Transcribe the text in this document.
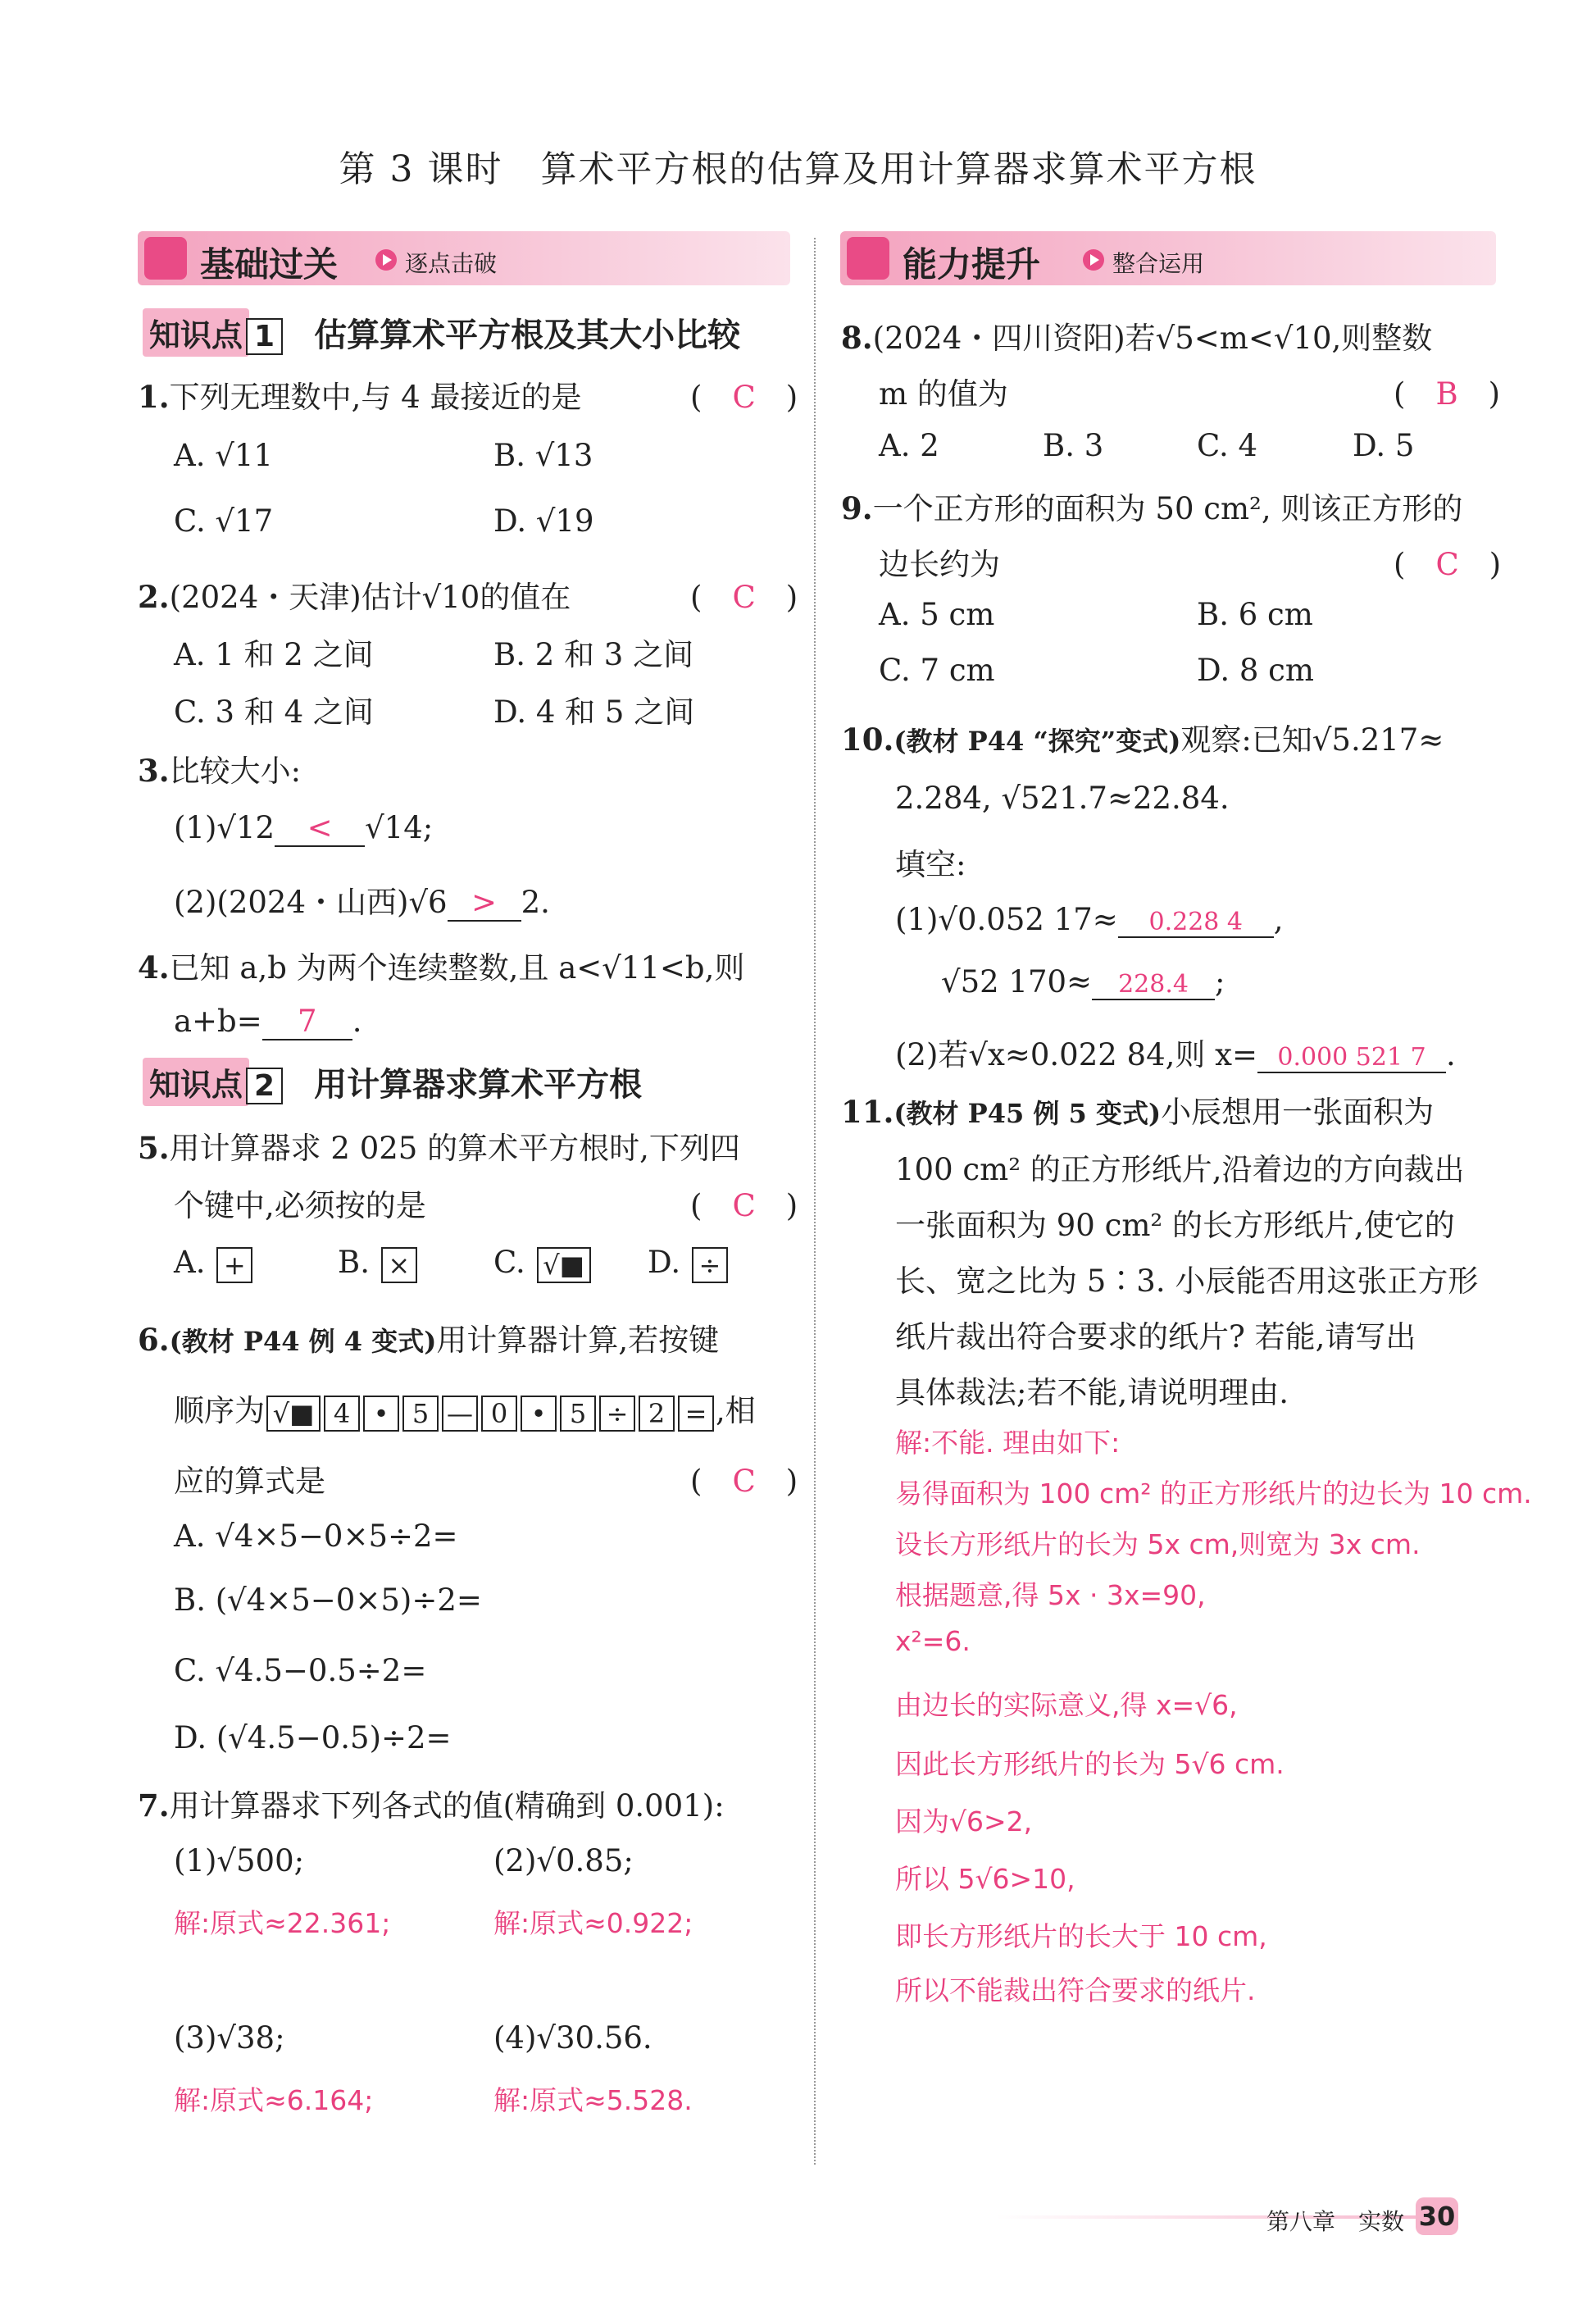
第 3 课时　算术平方根的估算及用计算器求算术平方根
基础过关	逐点击破	能力提升	整合运用
知识点 1 估算算术平方根及其大小比较
1.下列无理数中,与 4 最接近的是	(　C　)
A. √11	B. √13
C. √17	D. √19
2.(2024・天津)估计√10的值在	(　C　)
A. 1 和 2 之间	B. 2 和 3 之间
C. 3 和 4 之间	D. 4 和 5 之间
3.比较大小:
(1)√12 < √14;
(2)(2024・山西)√6 > 2.
4.已知 a,b 为两个连续整数,且 a<√11<b,则
a+b= 7 .
知识点 2 用计算器求算术平方根
5.用计算器求 2 025 的算术平方根时,下列四
个键中,必须按的是	(　C　)
A. +	B. ×	C. √■ D. ÷
6.(教材 P44 例 4 变式)用计算器计算,若按键
顺序为 √■ 4 • 5 — 0 • 5 ÷ 2 = ,相
应的算式是	(　C　)
A. √4×5−0×5÷2=
B. (√4×5−0×5)÷2=
C. √4.5−0.5÷2=
D. (√4.5−0.5)÷2=
7.用计算器求下列各式的值(精确到 0.001):
(1)√500;
解:原式≈22.361;
(2)√0.85;
解:原式≈0.922;
(3)√38;
解:原式≈6.164;
(4)√30.56.
解:原式≈5.528.
8.(2024・四川资阳)若√5<m<√10,则整数
m 的值为	(　B　)
A. 2	B. 3	C. 4	D. 5
9.一个正方形的面积为 50 cm², 则该正方形的
边长约为	(　C　)
A. 5 cm	B. 6 cm
C. 7 cm	D. 8 cm
10.(教材 P44 “探究”变式)观察:已知√5.217≈
2.284, √521.7≈22.84.
填空:
(1)√0.052 17≈ 0.228 4 ,
√52 170≈ 228.4 ;
(2)若√x≈0.022 84,则 x= 0.000 521 7 .
11.(教材 P45 例 5 变式)小辰想用一张面积为
100 cm² 的正方形纸片,沿着边的方向裁出
一张面积为 90 cm² 的长方形纸片,使它的
长、宽之比为 5∶3. 小辰能否用这张正方形
纸片裁出符合要求的纸片? 若能,请写出
具体裁法;若不能,请说明理由.
解:不能. 理由如下:
易得面积为 100 cm² 的正方形纸片的边长为 10 cm.
设长方形纸片的长为 5x cm,则宽为 3x cm.
根据题意,得 5x · 3x=90,
x²=6.
由边长的实际意义,得 x=√6,
因此长方形纸片的长为 5√6 cm.
因为√6>2,
所以 5√6>10,
即长方形纸片的长大于 10 cm,
所以不能裁出符合要求的纸片.
第八章　实数 30
